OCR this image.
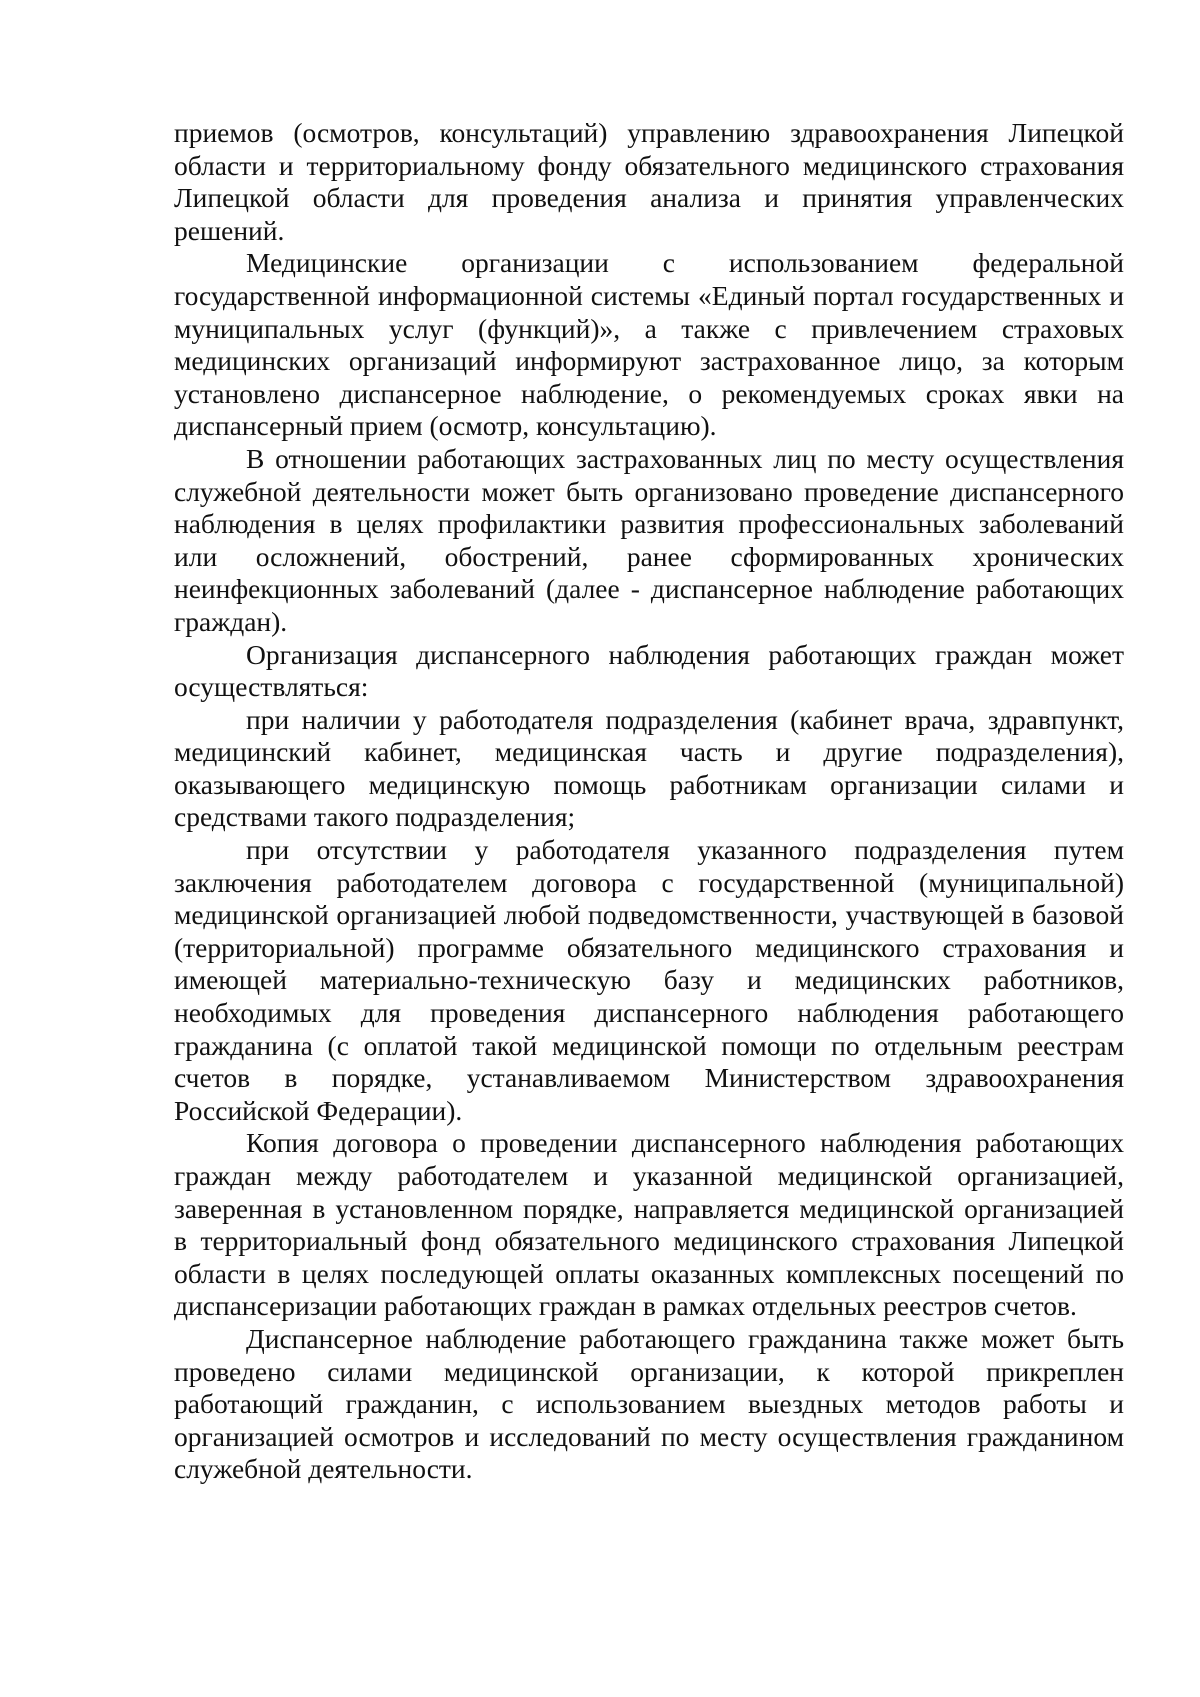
приемов (осмотров, консультаций) управлению здравоохранения Липецкой области и территориальному фонду обязательного медицинского страхования Липецкой области для проведения анализа и принятия управленческих решений.

Медицинские организации с использованием федеральной государственной информационной системы «Единый портал государственных и муниципальных услуг (функций)», а также с привлечением страховых медицинских организаций информируют застрахованное лицо, за которым установлено диспансерное наблюдение, о рекомендуемых сроках явки на диспансерный прием (осмотр, консультацию).

В отношении работающих застрахованных лиц по месту осуществления служебной деятельности может быть организовано проведение диспансерного наблюдения в целях профилактики развития профессиональных заболеваний или осложнений, обострений, ранее сформированных хронических неинфекционных заболеваний (далее - диспансерное наблюдение работающих граждан).

Организация диспансерного наблюдения работающих граждан может осуществляться:

при наличии у работодателя подразделения (кабинет врача, здравпункт, медицинский кабинет, медицинская часть и другие подразделения), оказывающего медицинскую помощь работникам организации силами и средствами такого подразделения;

при отсутствии у работодателя указанного подразделения путем заключения работодателем договора с государственной (муниципальной) медицинской организацией любой подведомственности, участвующей в базовой (территориальной) программе обязательного медицинского страхования и имеющей материально-техническую базу и медицинских работников, необходимых для проведения диспансерного наблюдения работающего гражданина (с оплатой такой медицинской помощи по отдельным реестрам счетов в порядке, устанавливаемом Министерством здравоохранения Российской Федерации).

Копия договора о проведении диспансерного наблюдения работающих граждан между работодателем и указанной медицинской организацией, заверенная в установленном порядке, направляется медицинской организацией в территориальный фонд обязательного медицинского страхования Липецкой области в целях последующей оплаты оказанных комплексных посещений по диспансеризации работающих граждан в рамках отдельных реестров счетов.

Диспансерное наблюдение работающего гражданина также может быть проведено силами медицинской организации, к которой прикреплен работающий гражданин, с использованием выездных методов работы и организацией осмотров и исследований по месту осуществления гражданином служебной деятельности.
